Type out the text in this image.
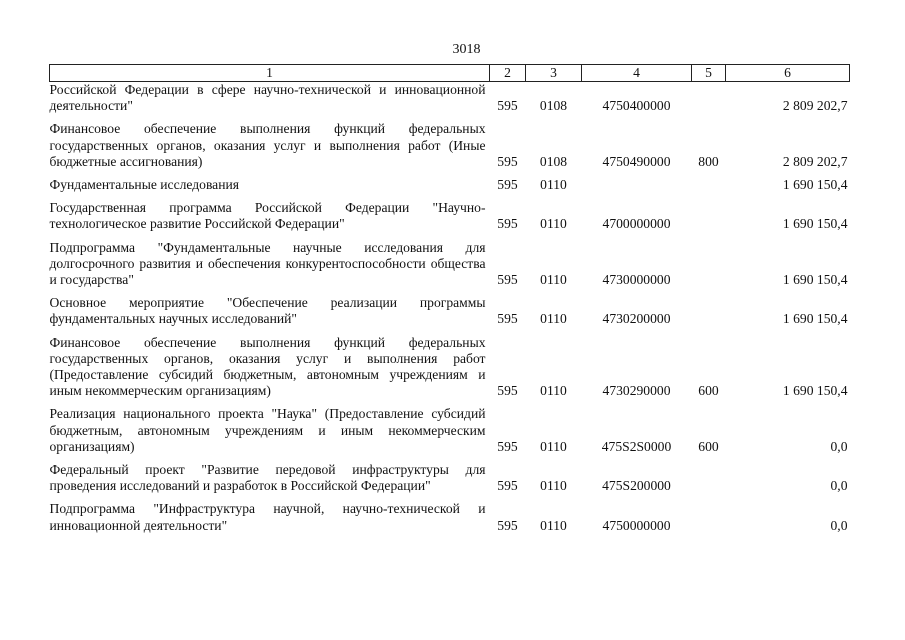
3018
1	2	3	4	5	6
Российской Федерации в сфере научно-технической и инновационной деятельности"	595	0108	4750400000		2 809 202,7

Финансовое обеспечение выполнения функций федеральных государственных органов, оказания услуг и выполнения работ (Иные бюджетные ассигнования)	595	0108	4750490000	800	2 809 202,7

Фундаментальные исследования	595	0110			1 690 150,4

Государственная программа Российской Федерации "Научно-технологическое развитие Российской Федерации"	595	0110	4700000000		1 690 150,4

Подпрограмма "Фундаментальные научные исследования для долгосрочного развития и обеспечения конкурентоспособности общества и государства"	595	0110	4730000000		1 690 150,4

Основное мероприятие "Обеспечение реализации программы фундаментальных научных исследований"	595	0110	4730200000		1 690 150,4

Финансовое обеспечение выполнения функций федеральных государственных органов, оказания услуг и выполнения работ (Предоставление субсидий бюджетным, автономным учреждениям и иным некоммерческим организациям)	595	0110	4730290000	600	1 690 150,4

Реализация национального проекта "Наука" (Предоставление субсидий бюджетным, автономным учреждениям и иным некоммерческим организациям)	595	0110	475S2S0000	600	0,0

Федеральный проект "Развитие передовой инфраструктуры для проведения исследований и разработок в Российской Федерации"	595	0110	475S200000		0,0

Подпрограмма "Инфраструктура научной, научно-технической и инновационной деятельности"	595	0110	4750000000		0,0
